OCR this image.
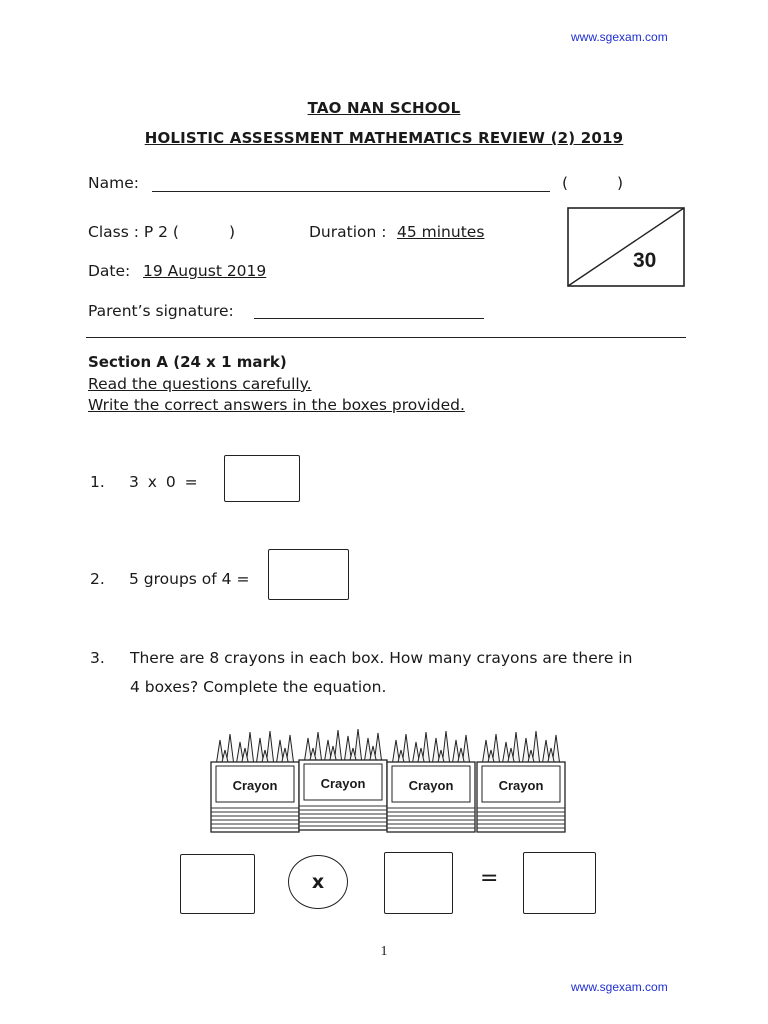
www.sgexam.com
TAO NAN SCHOOL
HOLISTIC ASSESSMENT MATHEMATICS REVIEW (2) 2019
Name:	(	)
Class : P 2 (	)	Duration : 45 minutes
Date: 19 August 2019
Parent’s signature:
30
Section A (24 x 1 mark)
Read the questions carefully.
Write the correct answers in the boxes provided.
1. 3 x 0 =
2. 5 groups of 4 =
3. There are 8 crayons in each box. How many crayons are there in
4 boxes? Complete the equation.
Crayon	Crayon	Crayon	Crayon
x	=
1
www.sgexam.com
